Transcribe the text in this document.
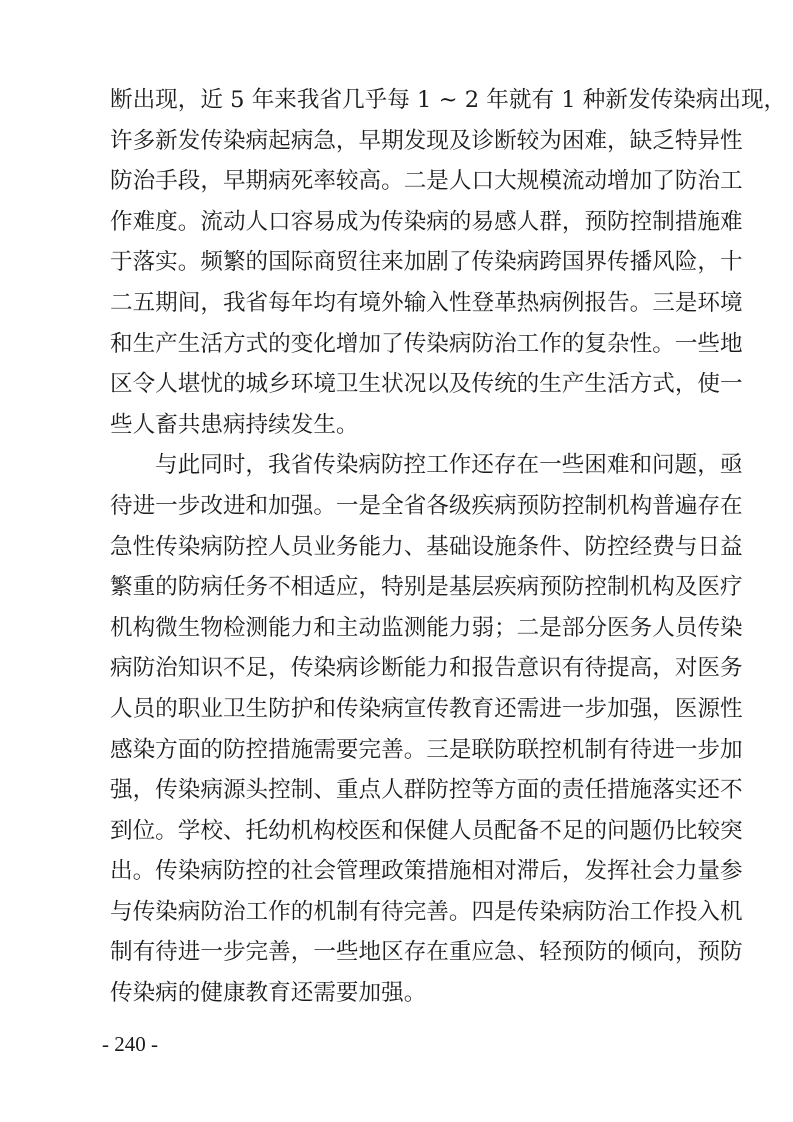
断出现，近 5 年来我省几乎每 1 ~ 2 年就有 1 种新发传染病出现，
许多新发传染病起病急，早期发现及诊断较为困难，缺乏特异性
防治手段，早期病死率较高。二是人口大规模流动增加了防治工
作难度。流动人口容易成为传染病的易感人群，预防控制措施难
于落实。频繁的国际商贸往来加剧了传染病跨国界传播风险，十
二五期间，我省每年均有境外输入性登革热病例报告。三是环境
和生产生活方式的变化增加了传染病防治工作的复杂性。一些地
区令人堪忧的城乡环境卫生状况以及传统的生产生活方式，使一
些人畜共患病持续发生。
与此同时，我省传染病防控工作还存在一些困难和问题，亟
待进一步改进和加强。一是全省各级疾病预防控制机构普遍存在
急性传染病防控人员业务能力、基础设施条件、防控经费与日益
繁重的防病任务不相适应，特别是基层疾病预防控制机构及医疗
机构微生物检测能力和主动监测能力弱；二是部分医务人员传染
病防治知识不足，传染病诊断能力和报告意识有待提高，对医务
人员的职业卫生防护和传染病宣传教育还需进一步加强，医源性
感染方面的防控措施需要完善。三是联防联控机制有待进一步加
强，传染病源头控制、重点人群防控等方面的责任措施落实还不
到位。学校、托幼机构校医和保健人员配备不足的问题仍比较突
出。传染病防控的社会管理政策措施相对滞后，发挥社会力量参
与传染病防治工作的机制有待完善。四是传染病防治工作投入机
制有待进一步完善，一些地区存在重应急、轻预防的倾向，预防
传染病的健康教育还需要加强。
- 240 -
